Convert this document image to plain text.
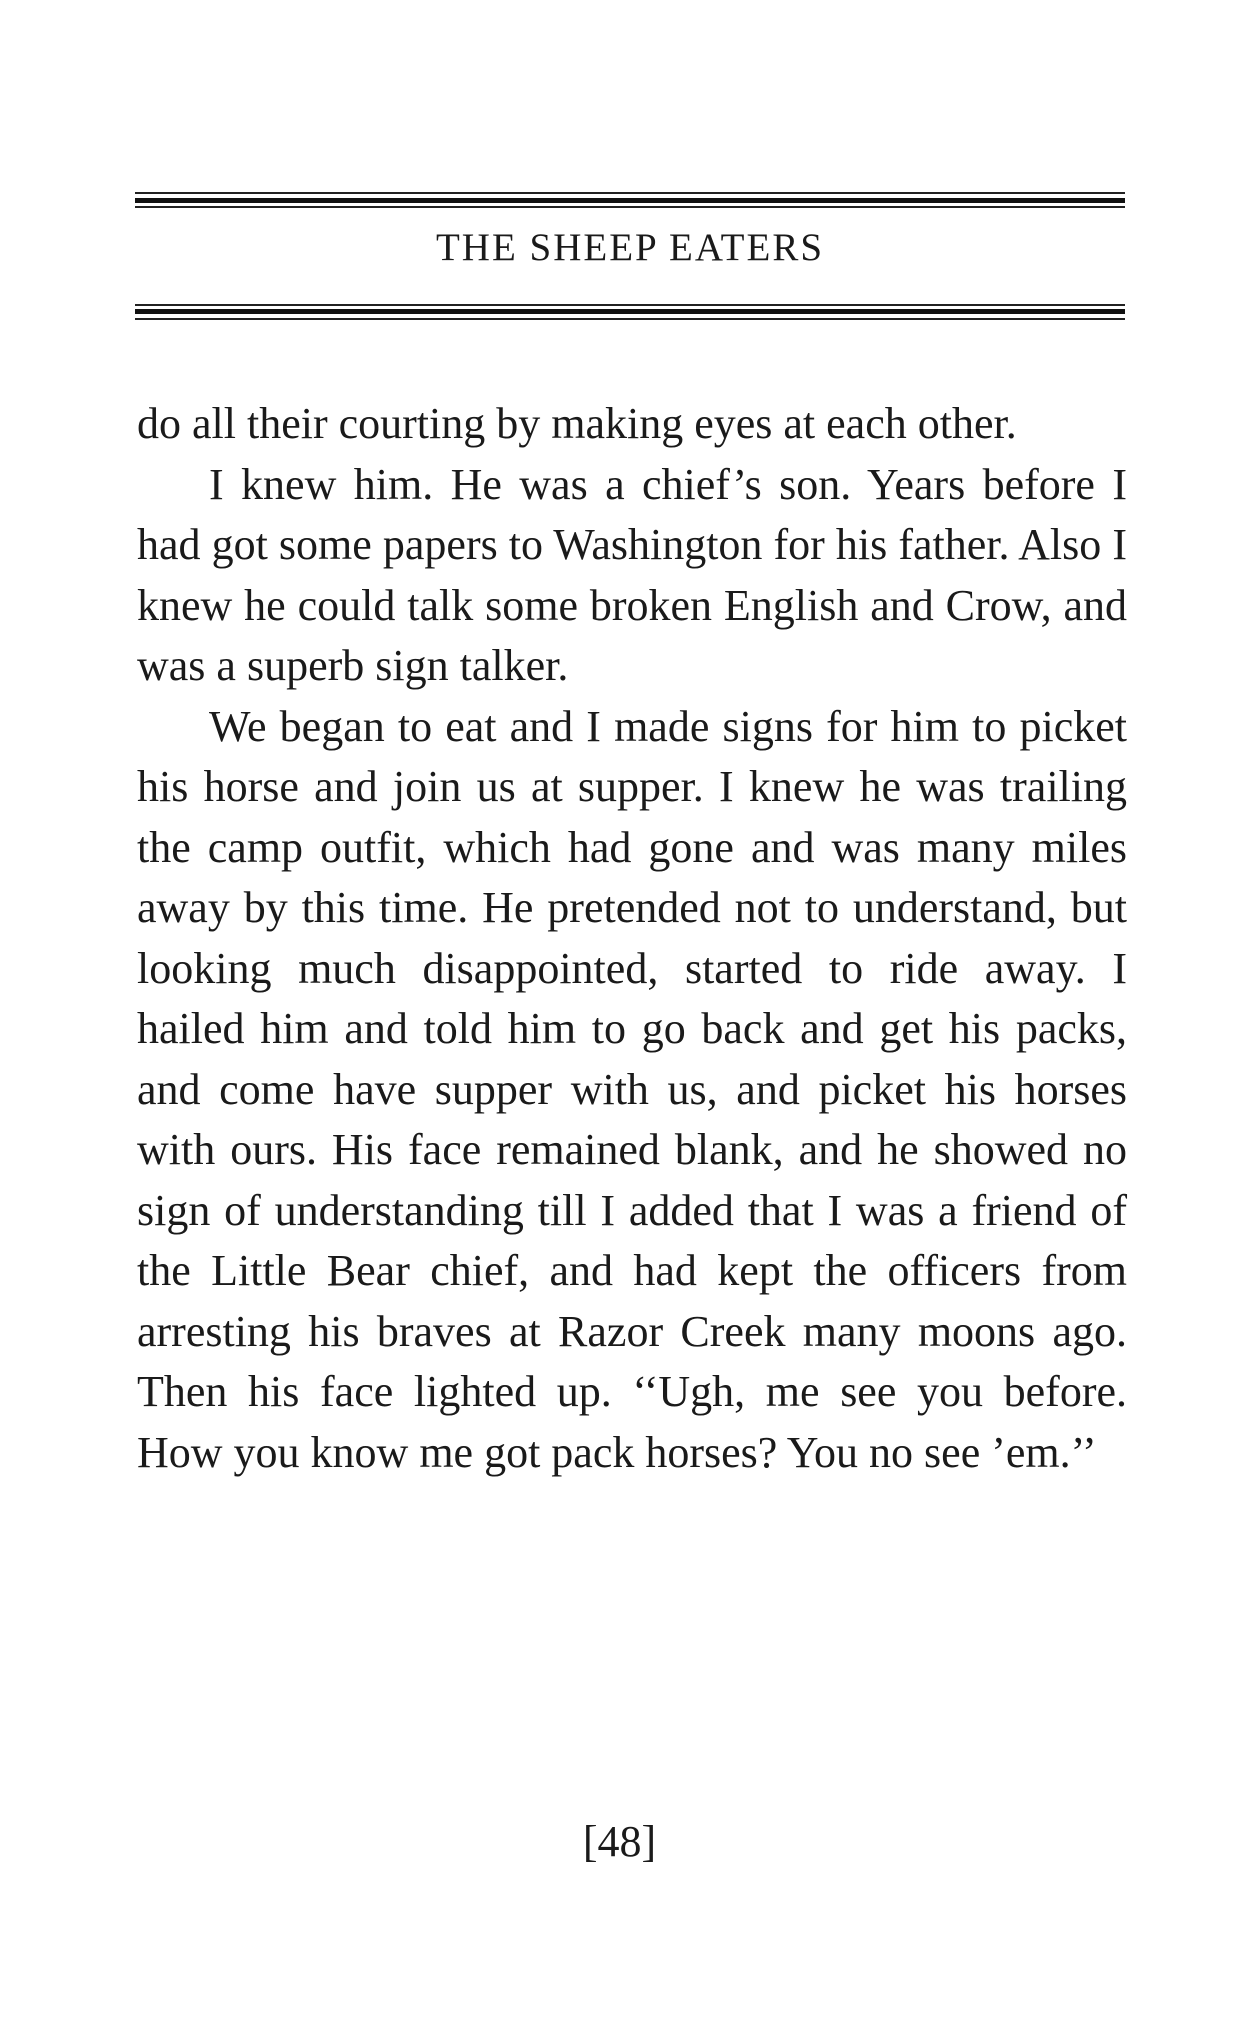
THE SHEEP EATERS

do all their courting by making eyes at each other.

I knew him. He was a chief’s son. Years before I had got some papers to Washington for his father. Also I knew he could talk some broken English and Crow, and was a superb sign talker.

We began to eat and I made signs for him to picket his horse and join us at supper. I knew he was trailing the camp outfit, which had gone and was many miles away by this time. He pretended not to understand, but looking much disappointed, started to ride away. I hailed him and told him to go back and get his packs, and come have supper with us, and picket his horses with ours. His face remained blank, and he showed no sign of understanding till I added that I was a friend of the Little Bear chief, and had kept the officers from arresting his braves at Razor Creek many moons ago. Then his face lighted up. ‘‘Ugh, me see you before. How you know me got pack horses? You no see ’em.’’

[48]
